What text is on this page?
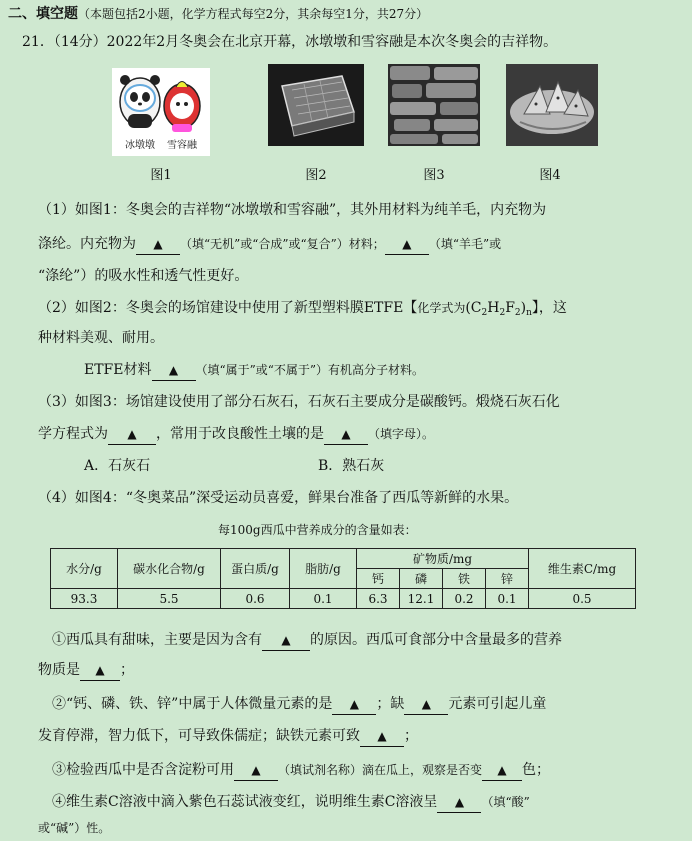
二、填空题（本题包括2小题，化学方程式每空2分，其余每空1分，共27分）
21．（14分）2022年2月冬奥会在北京开幕，冰墩墩和雪容融是本次冬奥会的吉祥物。
冰墩墩 雪容融
图1	图2	图3	图4
（1）如图1：冬奥会的吉祥物“冰墩墩和雪容融”，其外用材料为纯羊毛，内充物为
涤纶。内充物为 ▲ （填“无机”或“合成”或“复合”）材料； ▲ （填“羊毛”或
“涤纶”）的吸水性和透气性更好。
（2）如图2：冬奥会的场馆建设中使用了新型塑料膜ETFE【化学式为$(C_2H_2F_2)_n$】，这
种材料美观、耐用。
ETFE材料 ▲ （填“属于”或“不属于”）有机高分子材料。
（3）如图3：场馆建设使用了部分石灰石，石灰石主要成分是碳酸钙。煅烧石灰石化
学方程式为 ▲ ，常用于改良酸性土壤的是 ▲ （填字母）。
A．石灰石	B．熟石灰
（4）如图4：“冬奥菜品”深受运动员喜爱，鲜果台准备了西瓜等新鲜的水果。
每100g西瓜中营养成分的含量如表：
水分/g	碳水化合物/g	蛋白质/g	脂肪/g	矿物质/mg				维生素C/mg
				钙	磷	铁	锌	
93.3	5.5	0.6	0.1	6.3	12.1	0.2	0.1	0.5
①西瓜具有甜味，主要是因为含有 ▲ 的原因。西瓜可食部分中含量最多的营养
物质是 ▲ ；
②“钙、磷、铁、锌”中属于人体微量元素的是 ▲ ；缺 ▲ 元素可引起儿童
发育停滞，智力低下，可导致侏儒症；缺铁元素可致 ▲ ；
③检验西瓜中是否含淀粉可用 ▲ （填试剂名称）滴在瓜上，观察是否变 ▲ 色；
④维生素C溶液中滴入紫色石蕊试液变红，说明维生素C溶液呈 ▲ （填“酸”
或“碱”）性。
